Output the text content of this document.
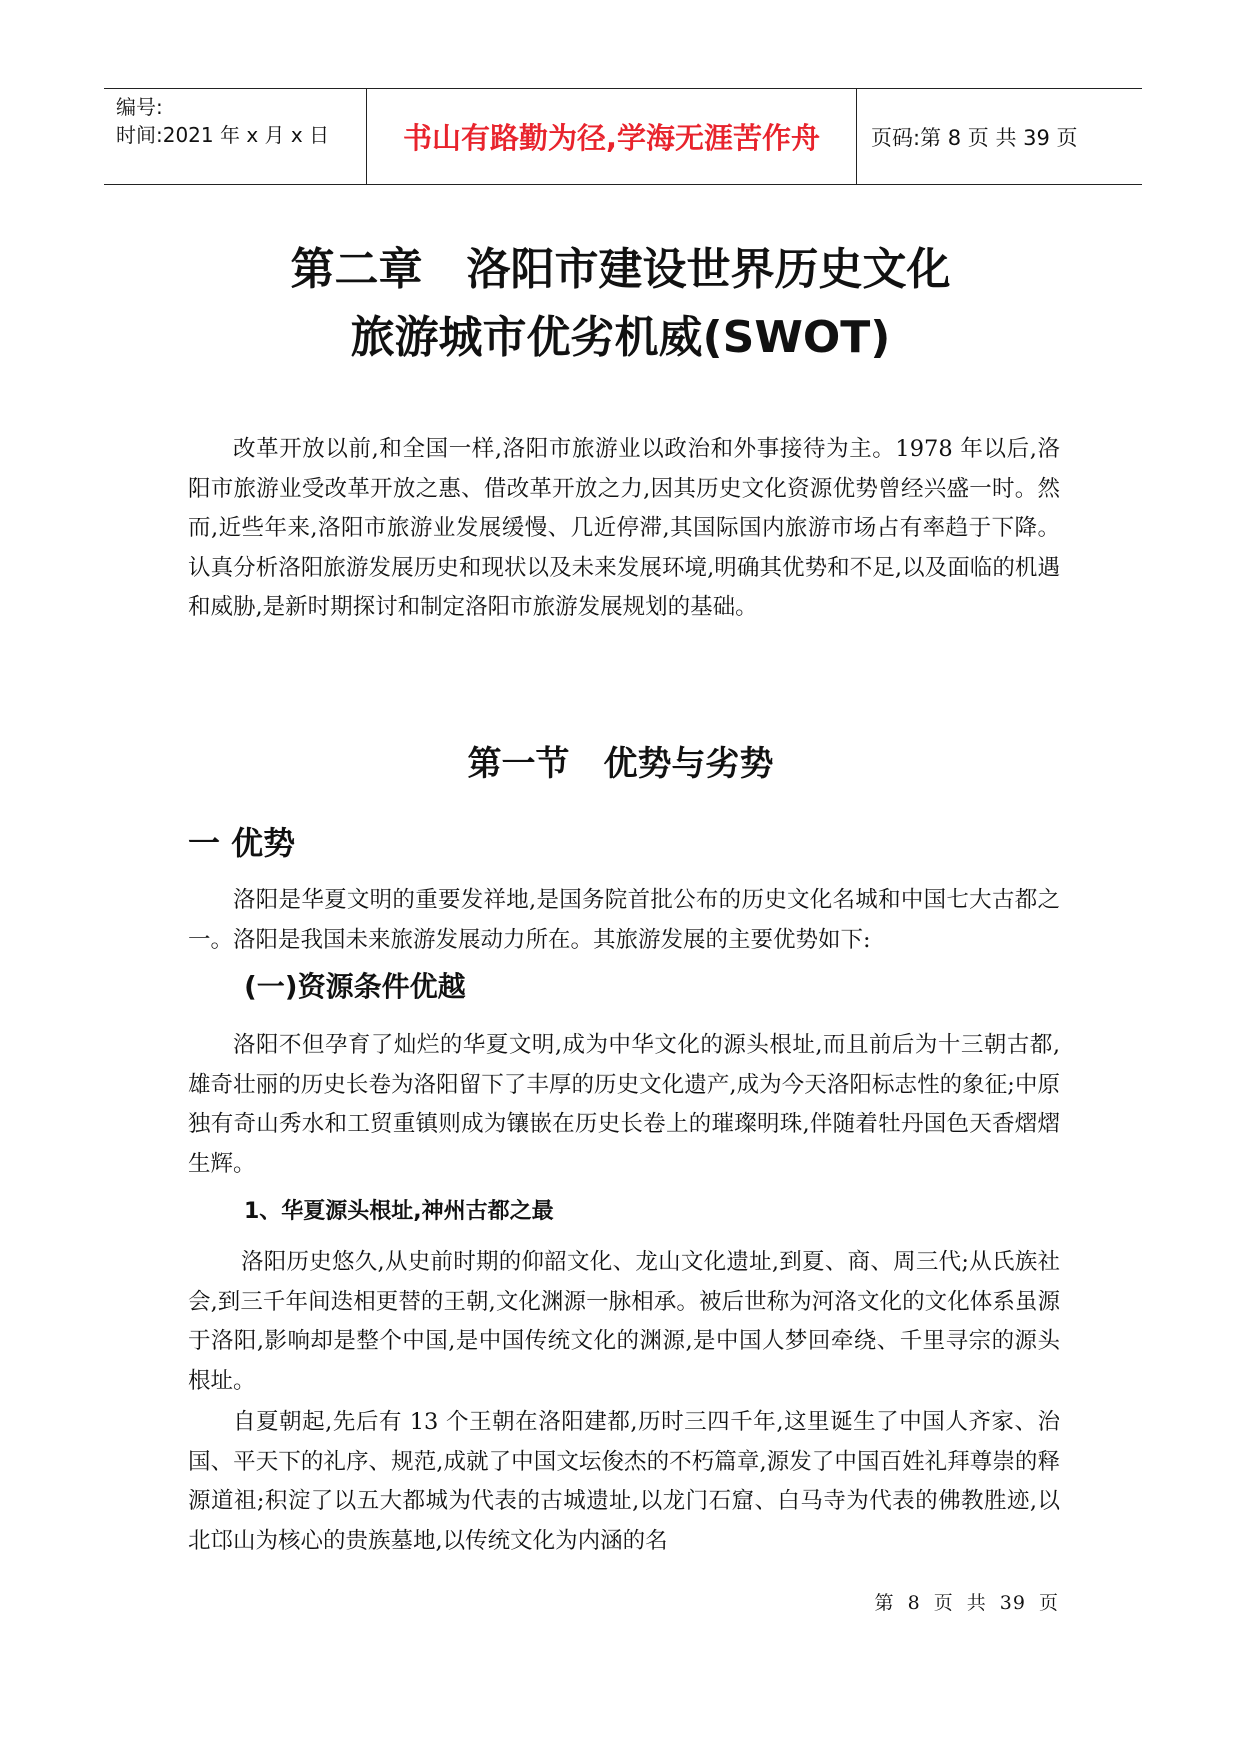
编号:
时间:2021 年 x 月 x 日	书山有路勤为径,学海无涯苦作舟	页码:第 8 页 共 39 页
第二章　洛阳市建设世界历史文化
旅游城市优劣机威(SWOT)

改革开放以前,和全国一样,洛阳市旅游业以政治和外事接待为主。1978 年以后,洛阳市旅游业受改革开放之惠、借改革开放之力,因其历史文化资源优势曾经兴盛一时。然而,近些年来,洛阳市旅游业发展缓慢、几近停滞,其国际国内旅游市场占有率趋于下降。认真分析洛阳旅游发展历史和现状以及未来发展环境,明确其优势和不足,以及面临的机遇和威胁,是新时期探讨和制定洛阳市旅游发展规划的基础。

第一节　优势与劣势
一 优势

洛阳是华夏文明的重要发祥地,是国务院首批公布的历史文化名城和中国七大古都之一。洛阳是我国未来旅游发展动力所在。其旅游发展的主要优势如下:

(一)资源条件优越

洛阳不但孕育了灿烂的华夏文明,成为中华文化的源头根址,而且前后为十三朝古都,雄奇壮丽的历史长卷为洛阳留下了丰厚的历史文化遗产,成为今天洛阳标志性的象征;中原独有奇山秀水和工贸重镇则成为镶嵌在历史长卷上的璀璨明珠,伴随着牡丹国色天香熠熠生辉。

1、华夏源头根址,神州古都之最

洛阳历史悠久,从史前时期的仰韶文化、龙山文化遗址,到夏、商、周三代;从氏族社会,到三千年间迭相更替的王朝,文化渊源一脉相承。被后世称为河洛文化的文化体系虽源于洛阳,影响却是整个中国,是中国传统文化的渊源,是中国人梦回牵绕、千里寻宗的源头根址。

自夏朝起,先后有 13 个王朝在洛阳建都,历时三四千年,这里诞生了中国人齐家、治国、平天下的礼序、规范,成就了中国文坛俊杰的不朽篇章,源发了中国百姓礼拜尊崇的释源道祖;积淀了以五大都城为代表的古城遗址,以龙门石窟、白马寺为代表的佛教胜迹,以北邙山为核心的贵族墓地,以传统文化为内涵的名

第 8 页 共 39 页
